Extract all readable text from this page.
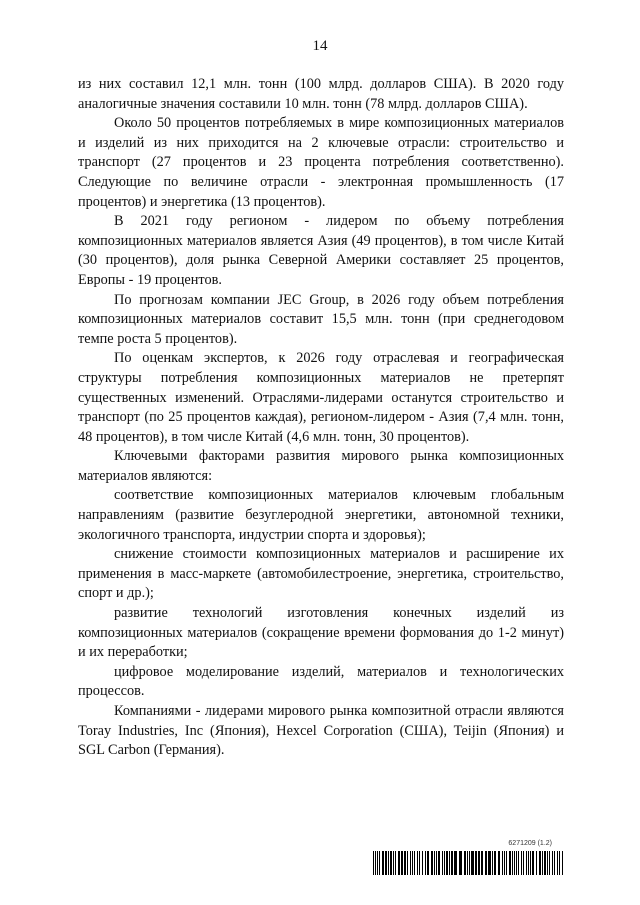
14

из них составил 12,1 млн. тонн (100 млрд. долларов США). В 2020 году аналогичные значения составили 10 млн. тонн (78 млрд. долларов США).

Около 50 процентов потребляемых в мире композиционных материалов и изделий из них приходится на 2 ключевые отрасли: строительство и транспорт (27 процентов и 23 процента потребления соответственно). Следующие по величине отрасли - электронная промышленность (17 процентов) и энергетика (13 процентов).

В 2021 году регионом - лидером по объему потребления композиционных материалов является Азия (49 процентов), в том числе Китай (30 процентов), доля рынка Северной Америки составляет 25 процентов, Европы - 19 процентов.

По прогнозам компании JEC Group, в 2026 году объем потребления композиционных материалов составит 15,5 млн. тонн (при среднегодовом темпе роста 5 процентов).

По оценкам экспертов, к 2026 году отраслевая и географическая структуры потребления композиционных материалов не претерпят существенных изменений. Отраслями-лидерами останутся строительство и транспорт (по 25 процентов каждая), регионом-лидером - Азия (7,4 млн. тонн, 48 процентов), в том числе Китай (4,6 млн. тонн, 30 процентов).

Ключевыми факторами развития мирового рынка композиционных материалов являются:

соответствие композиционных материалов ключевым глобальным направлениям (развитие безуглеродной энергетики, автономной техники, экологичного транспорта, индустрии спорта и здоровья);

снижение стоимости композиционных материалов и расширение их применения в масс-маркете (автомобилестроение, энергетика, строительство, спорт и др.);

развитие технологий изготовления конечных изделий из композиционных материалов (сокращение времени формования до 1-2 минут) и их переработки;

цифровое моделирование изделий, материалов и технологических процессов.

Компаниями - лидерами мирового рынка композитной отрасли являются Toray Industries, Inc (Япония), Hexcel Corporation (США), Teijin (Япония) и SGL Carbon (Германия).

6271209 (1.2)
